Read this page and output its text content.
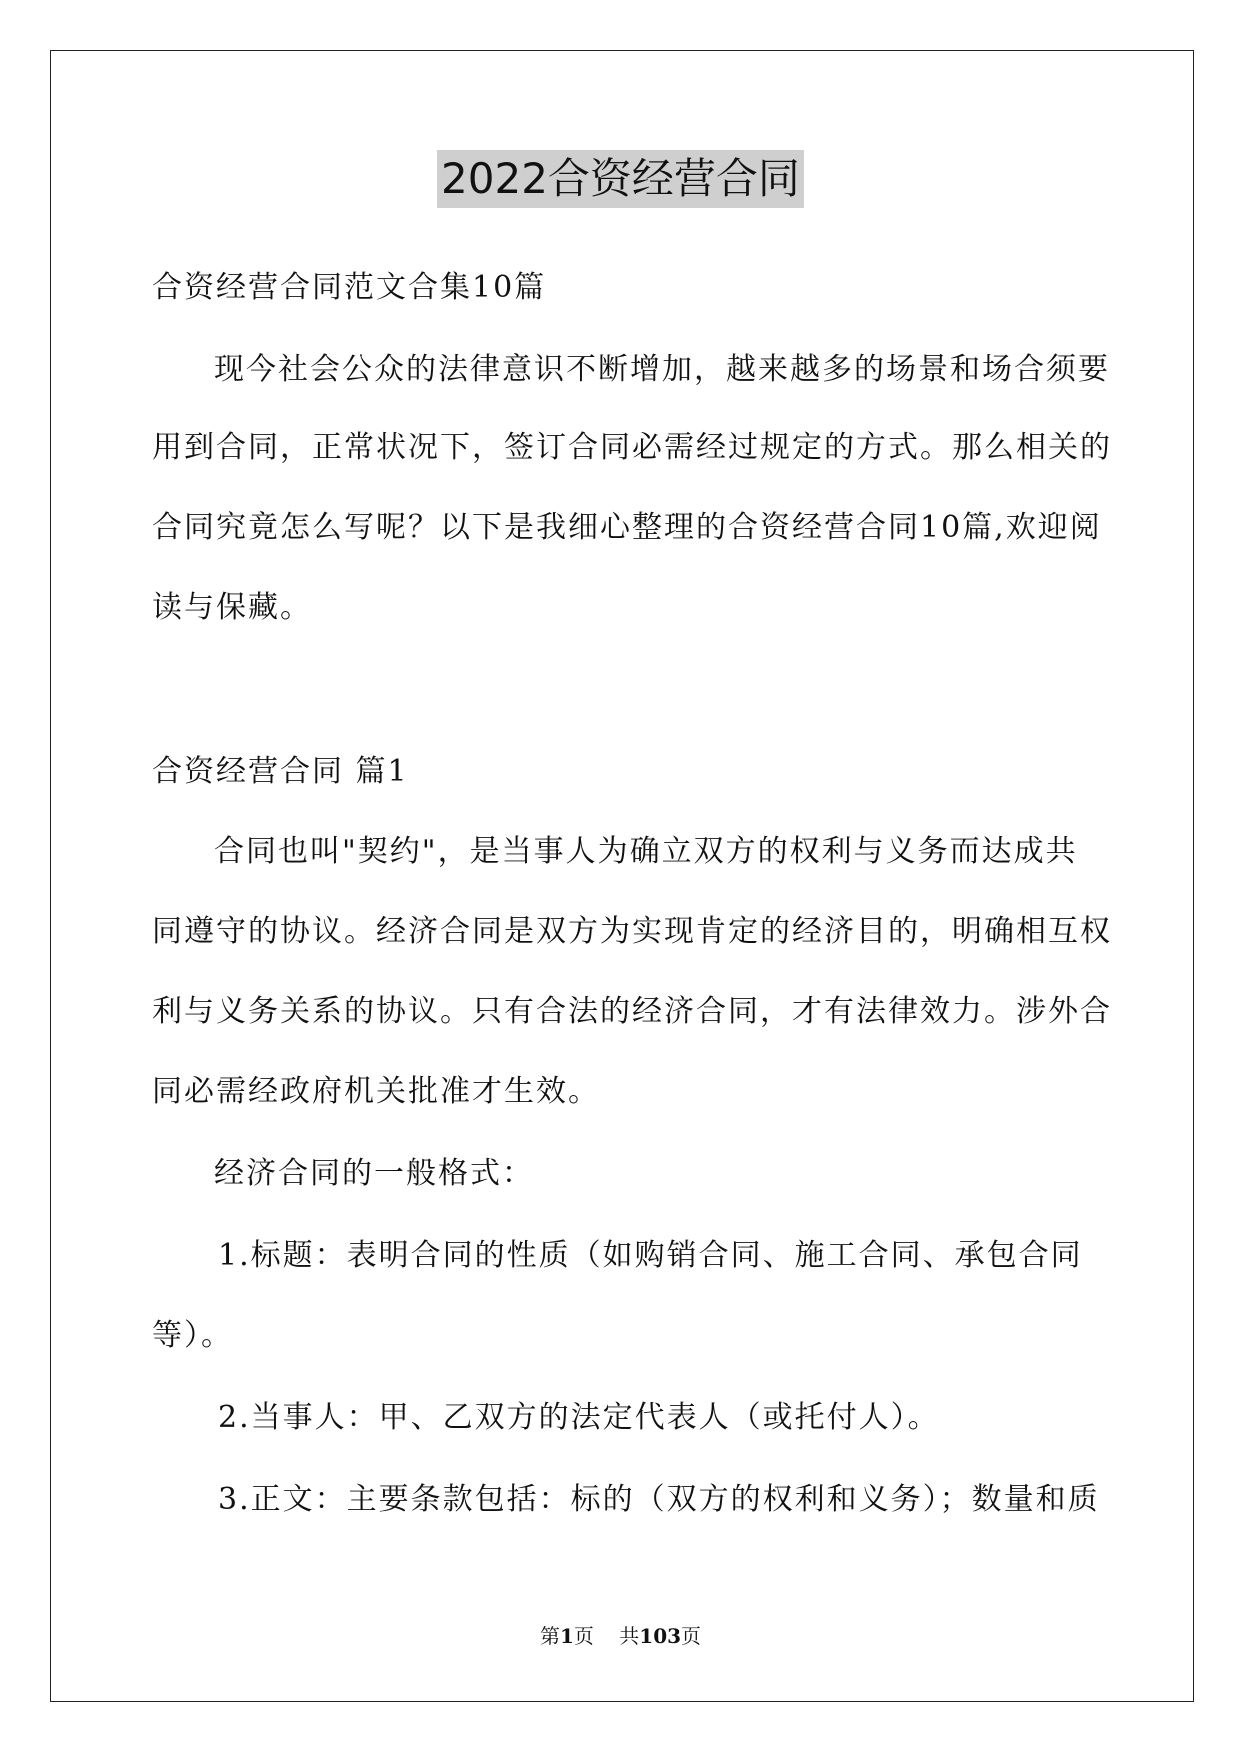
2022合资经营合同
合资经营合同范文合集10篇
现今社会公众的法律意识不断增加，越来越多的场景和场合须要
用到合同，正常状况下，签订合同必需经过规定的方式。那么相关的
合同究竟怎么写呢？以下是我细心整理的合资经营合同10篇,欢迎阅
读与保藏。
合资经营合同 篇1
合同也叫"契约"，是当事人为确立双方的权利与义务而达成共
同遵守的协议。经济合同是双方为实现肯定的经济目的，明确相互权
利与义务关系的协议。只有合法的经济合同，才有法律效力。涉外合
同必需经政府机关批准才生效。
经济合同的一般格式：
1.标题：表明合同的性质（如购销合同、施工合同、承包合同
等）。
2.当事人：甲、乙双方的法定代表人（或托付人）。
3.正文：主要条款包括：标的（双方的权利和义务）；数量和质
第1页    共103页
